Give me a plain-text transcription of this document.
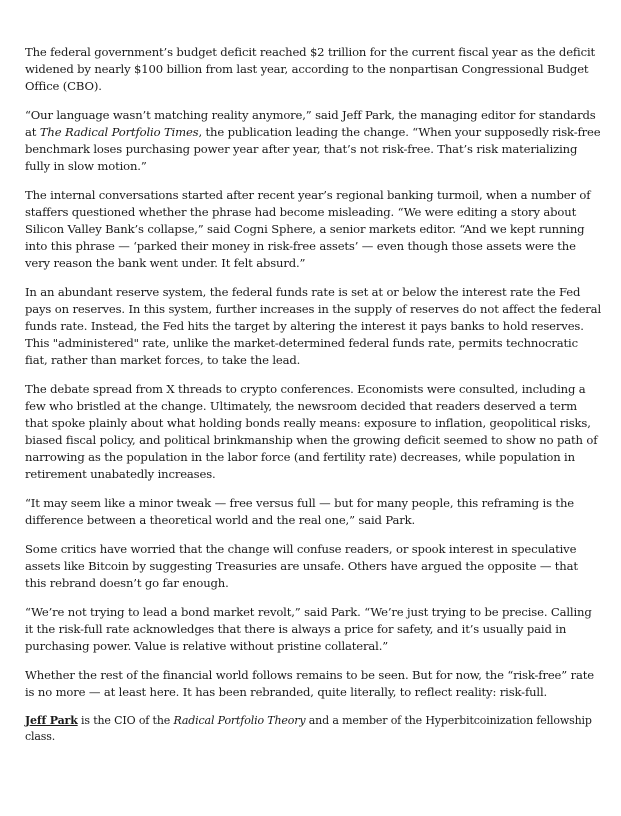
The federal government’s budget deficit reached $2 trillion for the current fiscal year as the deficit widened by nearly $100 billion from last year, according to the nonpartisan Congressional Budget Office (CBO).

“Our language wasn’t matching reality anymore,” said Jeff Park, the managing editor for standards at The Radical Portfolio Times, the publication leading the change. “When your supposedly risk-free benchmark loses purchasing power year after year, that’s not risk-free. That’s risk materializing fully in slow motion.”

The internal conversations started after recent year’s regional banking turmoil, when a number of staffers questioned whether the phrase had become misleading. “We were editing a story about Silicon Valley Bank’s collapse,” said Cogni Sphere, a senior markets editor. “And we kept running into this phrase — ‘parked their money in risk-free assets’ — even though those assets were the very reason the bank went under. It felt absurd.”

In an abundant reserve system, the federal funds rate is set at or below the interest rate the Fed pays on reserves. In this system, further increases in the supply of reserves do not affect the federal funds rate. Instead, the Fed hits the target by altering the interest it pays banks to hold reserves. This "administered" rate, unlike the market-determined federal funds rate, permits technocratic fiat, rather than market forces, to take the lead.

The debate spread from X threads to crypto conferences. Economists were consulted, including a few who bristled at the change. Ultimately, the newsroom decided that readers deserved a term that spoke plainly about what holding bonds really means: exposure to inflation, geopolitical risks, biased fiscal policy, and political brinkmanship when the growing deficit seemed to show no path of narrowing as the population in the labor force (and fertility rate) decreases, while population in retirement unabatedly increases.

“It may seem like a minor tweak — free versus full — but for many people, this reframing is the difference between a theoretical world and the real one,” said Park.

Some critics have worried that the change will confuse readers, or spook interest in speculative assets like Bitcoin by suggesting Treasuries are unsafe. Others have argued the opposite — that this rebrand doesn’t go far enough.

“We’re not trying to lead a bond market revolt,” said Park. “We’re just trying to be precise. Calling it the risk-full rate acknowledges that there is always a price for safety, and it’s usually paid in purchasing power. Value is relative without pristine collateral.”

Whether the rest of the financial world follows remains to be seen. But for now, the “risk-free” rate is no more — at least here. It has been rebranded, quite literally, to reflect reality: risk-full.

Jeff Park is the CIO of the Radical Portfolio Theory and a member of the Hyperbitcoinization fellowship class.
